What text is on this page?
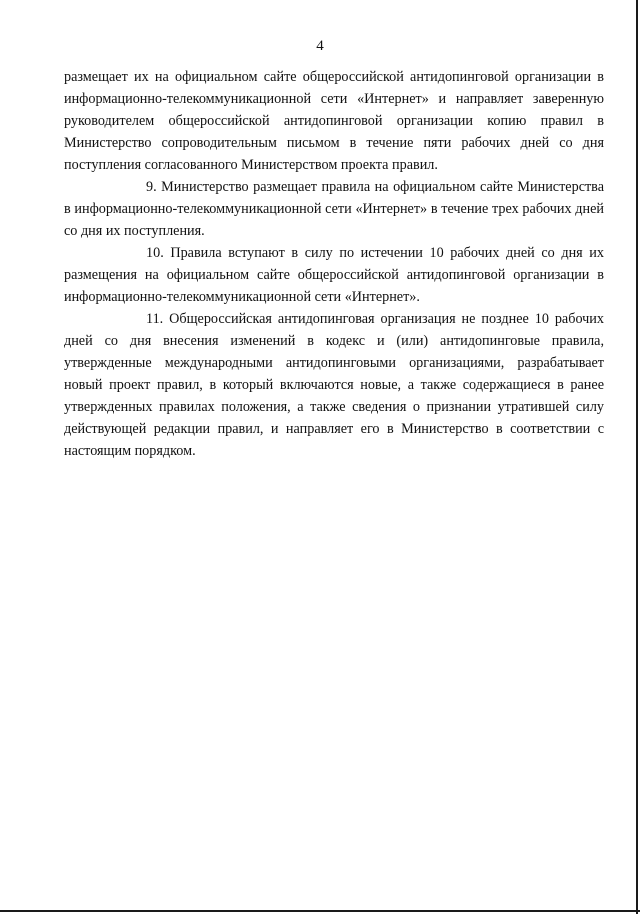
4

размещает их на официальном сайте общероссийской антидопинговой организации в информационно-телекоммуникационной сети «Интернет» и направляет заверенную руководителем общероссийской антидопинговой организации копию правил в Министерство сопроводительным письмом в течение пяти рабочих дней со дня поступления согласованного Министерством проекта правил.

9. Министерство размещает правила на официальном сайте Министерства в информационно-телекоммуникационной сети «Интернет» в течение трех рабочих дней со дня их поступления.

10. Правила вступают в силу по истечении 10 рабочих дней со дня их размещения на официальном сайте общероссийской антидопинговой организации в информационно-телекоммуникационной сети «Интернет».

11. Общероссийская антидопинговая организация не позднее 10 рабочих дней со дня внесения изменений в кодекс и (или) антидопинговые правила, утвержденные международными антидопинговыми организациями, разрабатывает новый проект правил, в который включаются новые, а также содержащиеся в ранее утвержденных правилах положения, а также сведения о признании утратившей силу действующей редакции правил, и направляет его в Министерство в соответствии с настоящим порядком.
